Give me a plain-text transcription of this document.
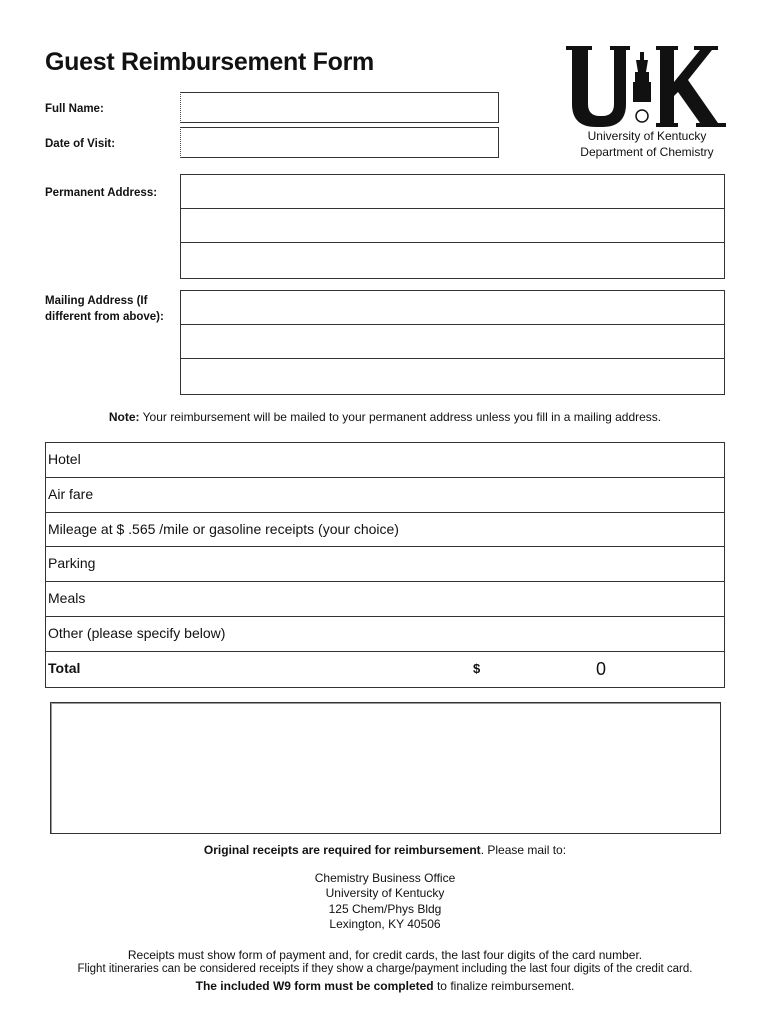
Guest Reimbursement Form
University of Kentucky
Department of Chemistry
Full Name:
Date of Visit:
Permanent Address:
Mailing Address (If
different from above):
Note: Your reimbursement will be mailed to your permanent address unless you fill in a mailing address.
Hotel
Air fare
Mileage at $ .565 /mile or gasoline receipts (your choice)
Parking
Meals
Other (please specify below)
Total	$	0
Original receipts are required for reimbursement. Please mail to:
Chemistry Business Office
University of Kentucky
125 Chem/Phys Bldg
Lexington, KY 40506
Receipts must show form of payment and, for credit cards, the last four digits of the card number.
Flight itineraries can be considered receipts if they show a charge/payment including the last four digits of the credit card.
The included W9 form must be completed to finalize reimbursement.
